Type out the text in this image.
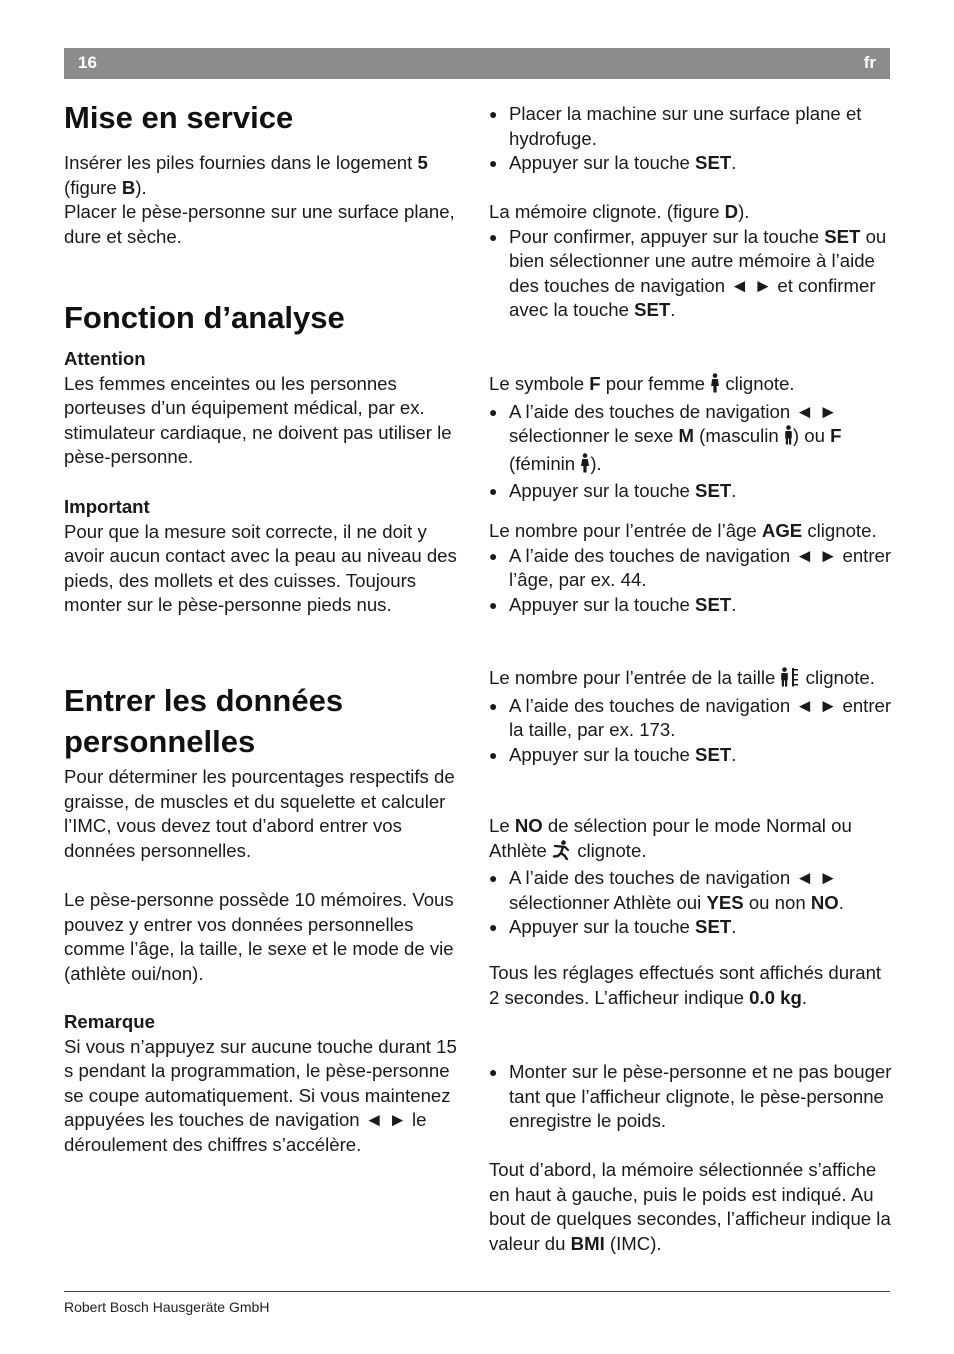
16	fr
Mise en service

Insérer les piles fournies dans le logement 5 (figure B).

Placer le pèse-personne sur une surface plane, dure et sèche.

Fonction d’analyse

Attention

Les femmes enceintes ou les personnes porteuses d’un équipement médical, par ex. stimulateur cardiaque, ne doivent pas utiliser le pèse-personne.

Important

Pour que la mesure soit correcte, il ne doit y avoir aucun contact avec la peau au niveau des pieds, des mollets et des cuisses. Toujours monter sur le pèse-personne pieds nus.

Entrer les données personnelles

Pour déterminer les pourcentages respectifs de graisse, de muscles et du squelette et calculer l’IMC, vous devez tout d’abord entrer vos données personnelles.

Le pèse-personne possède 10 mémoires. Vous pouvez y entrer vos données personnelles comme l’âge, la taille, le sexe et le mode de vie (athlète oui/non).

Remarque

Si vous n’appuyez sur aucune touche durant 15 s pendant la programmation, le pèse-personne se coupe automatiquement. Si vous maintenez appuyées les touches de navigation ◄ ► le déroulement des chiffres s’accélère.

● Placer la machine sur une surface plane et hydrofuge.
● Appuyer sur la touche SET.

La mémoire clignote. (figure D).

● Pour confirmer, appuyer sur la touche SET ou bien sélectionner une autre mémoire à l’aide des touches de navigation ◄ ► et confirmer avec la touche SET.

Le symbole F pour femme  clignote.

● A l’aide des touches de navigation ◄ ► sélectionner le sexe M (masculin ) ou F (féminin ).
● Appuyer sur la touche SET.

Le nombre pour l’entrée de l’âge AGE clignote.

● A l’aide des touches de navigation ◄ ► entrer l’âge, par ex. 44.
● Appuyer sur la touche SET.

Le nombre pour l’entrée de la taille  clignote.

● A l’aide des touches de navigation ◄ ► entrer la taille, par ex. 173.
● Appuyer sur la touche SET.

Le NO de sélection pour le mode Normal ou Athlète  clignote.

● A l’aide des touches de navigation ◄ ► sélectionner Athlète oui YES ou non NO.
● Appuyer sur la touche SET.

Tous les réglages effectués sont affichés durant 2 secondes. L’afficheur indique 0.0 kg.

● Monter sur le pèse-personne et ne pas bouger tant que l’afficheur clignote, le pèse-personne enregistre le poids.

Tout d’abord, la mémoire sélectionnée s’affiche en haut à gauche, puis le poids est indiqué. Au bout de quelques secondes, l’afficheur indique la valeur du BMI (IMC).

Robert Bosch Hausgeräte GmbH
